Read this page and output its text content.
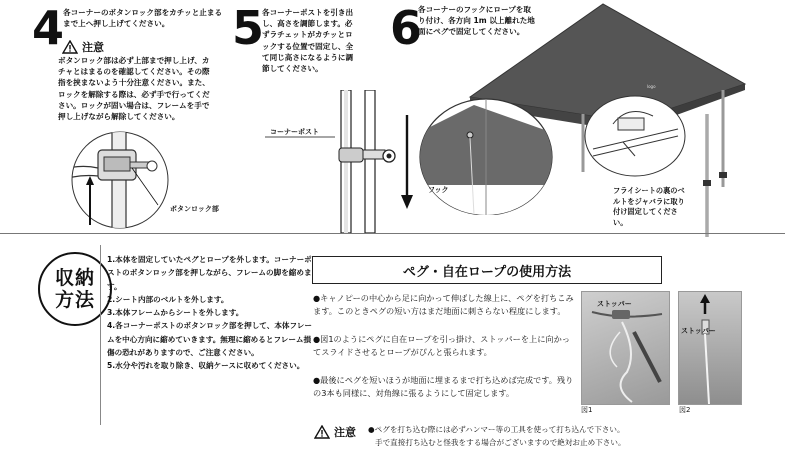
4 各コーナーのボタンロック部をカチッと止まるまで上へ押し上げてください。
注意
ボタンロック部は必ず上部まで押し上げ、カチャとはまるのを確認してください。その際指を挟まないよう十分注意ください。また、ロックを解除する際は、必ず手で行ってください。ロックが固い場合は、フレームを手で押し上げながら解除してください。
ボタンロック部
5 各コーナーポストを引き出し、高さを調節します。必ずラチェットがカチッとロックする位置で固定し、全て同じ高さになるように調節してください。
コーナーポスト
6
各コーナーのフックにロープを取り付け、各方向 1m 以上離れた地面にペグで固定してください。
logo
フック	フライシートの裏のベルトをジャバラに取り付け固定してください。
収納
方法
1.本体を固定していたペグとロープを外します。コーナーポストのボタンロック部を押しながら、フレームの脚を縮めます。
2.シート内部のベルトを外します。
3.本体フレームからシートを外します。
4.各コーナーポストのボタンロック部を押して、本体フレームを中心方向に縮めていきます。無理に縮めるとフレーム損傷の恐れがありますので、ご注意ください。
5.水分や汚れを取り除き、収納ケースに収めてください。
ペグ・自在ロープの使用方法
●キャノピーの中心から足に向かって伸ばした線上に、ペグを打ちこみます。このときペグの短い方はまだ地面に刺さらない程度にします。
●図1のようにペグに自在ロープを引っ掛け、ストッパーを上に向かってスライドさせるとロープがぴんと張られます。
●最後にペグを短いほうが地面に埋まるまで打ち込めば完成です。残りの3本も同様に、対角線に張るようにして固定します。
ストッパー
図1
ストッパー
図2
注意 ●ペグを打ち込む際には必ずハンマー等の工具を使って打ち込んで下さい。
手で直接打ち込むと怪我をする場合がございますので絶対お止め下さい。
